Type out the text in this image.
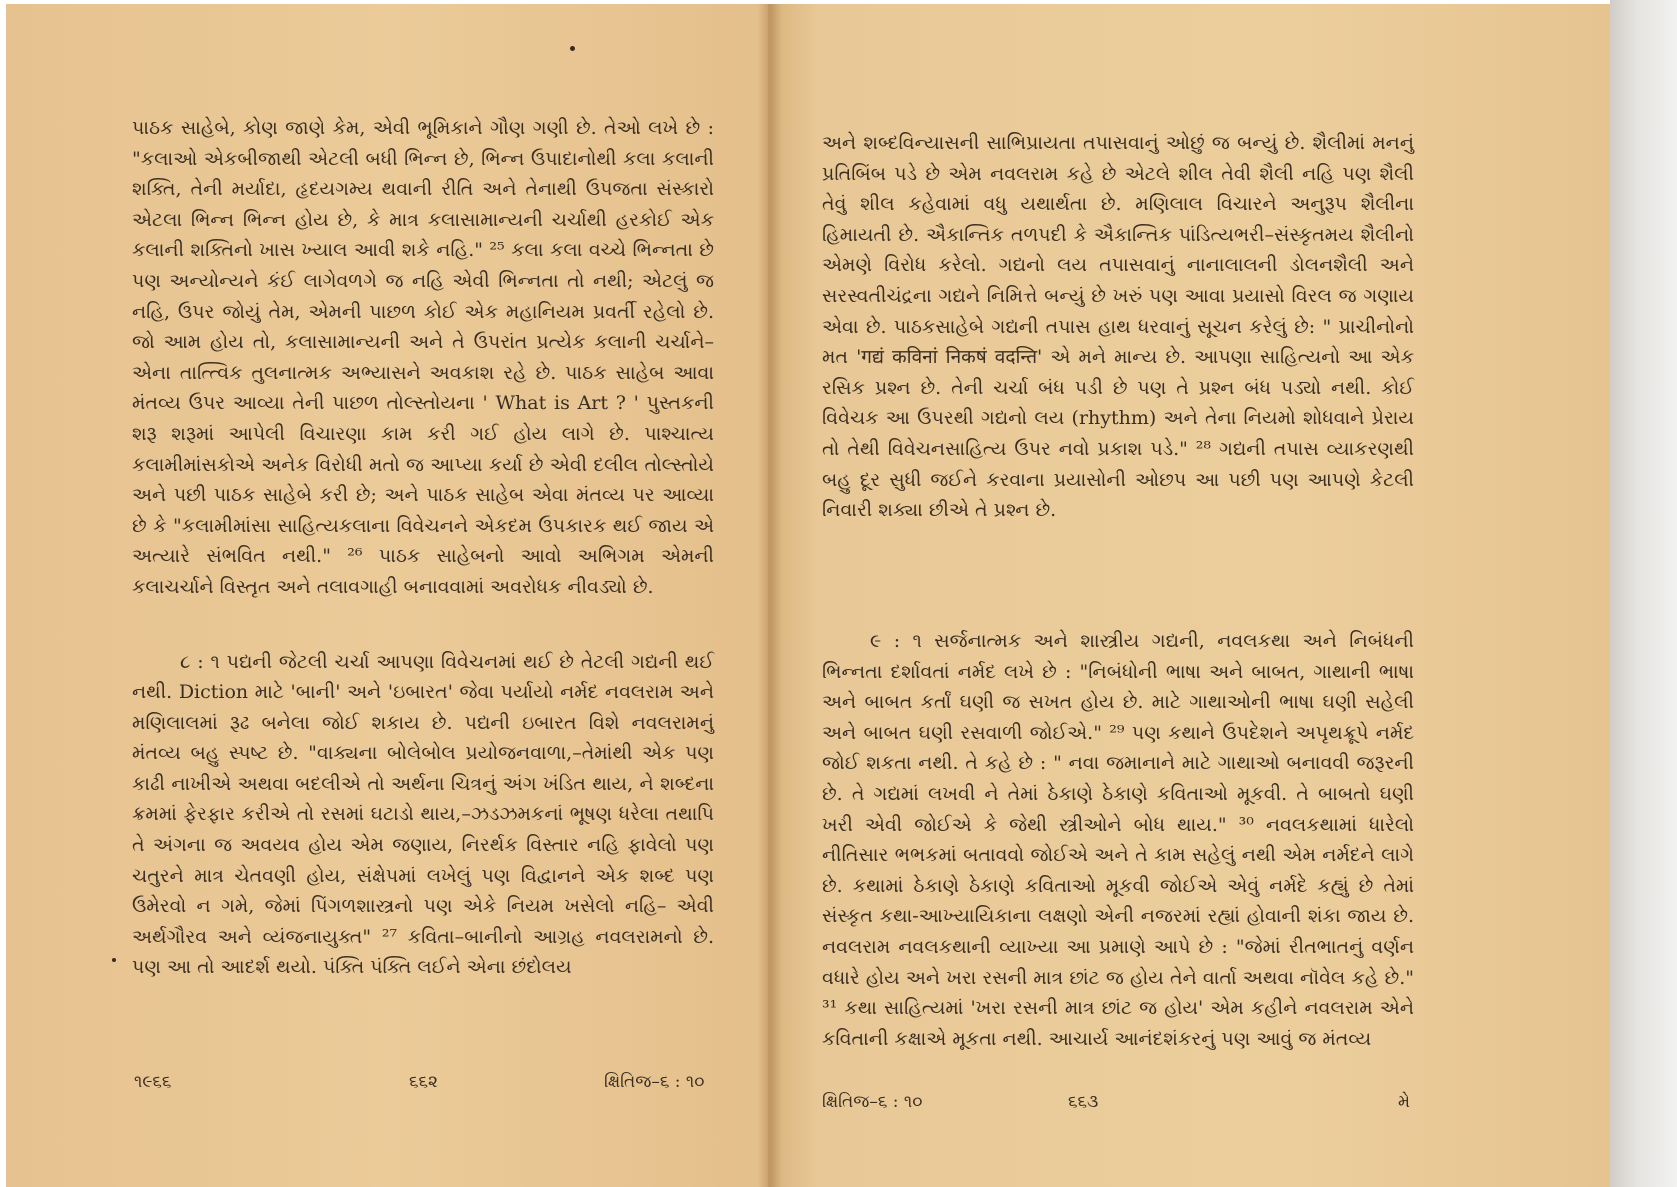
પાઠક સાહેબે, કોણ જાણે કેમ, એવી ભૂમિકાને ગૌણ ગણી છે. તેઓ લખે છે : "કલાઓ એકબીજાથી એટલી બધી ભિન્ન છે, ભિન્ન ઉપાદાનોથી કલા કલાની શક્તિ, તેની મર્યાદા, હૃદયગમ્ય થવાની રીતિ અને તેનાથી ઉપજતા સંસ્કારો એટલા ભિન્ન ભિન્ન હોય છે, કે માત્ર કલાસામાન્યની ચર્ચાથી હરકોઈ એક કલાની શક્તિનો ખાસ ખ્યાલ આવી શકે નહિ." ²⁵ કલા કલા વચ્ચે ભિન્નતા છે પણ અન્યોન્યને કંઈ લાગેવળગે જ નહિ એવી ભિન્નતા તો નથી; એટલું જ નહિ, ઉપર જોયું તેમ, એમની પાછળ કોઈ એક મહાનિયમ પ્રવર્તી રહેલો છે. જો આમ હોય તો, કલાસામાન્યની અને તે ઉપરાંત પ્રત્યેક કલાની ચર્ચાને–એના તાત્ત્વિક તુલનાત્મક અભ્યાસને અવકાશ રહે છે. પાઠક સાહેબ આવા મંતવ્ય ઉપર આવ્યા તેની પાછળ તોલ્સ્તોયના ' What is Art ? ' પુસ્તકની શરૂ શરૂમાં આપેલી વિચારણા કામ કરી ગઈ હોય લાગે છે. પાશ્ચાત્ય કલામીમાંસકોએ અનેક વિરોધી મતો જ આપ્યા કર્યા છે એવી દલીલ તોલ્સ્તોયે અને પછી પાઠક સાહેબે કરી છે; અને પાઠક સાહેબ એવા મંતવ્ય પર આવ્યા છે કે "કલામીમાંસા સાહિત્યકલાના વિવેચનને એકદમ ઉપકારક થઈ જાય એ અત્યારે સંભવિત નથી." ²⁶ પાઠક સાહેબનો આવો અભિગમ એમની કલાચર્ચાને વિસ્તૃત અને તલાવગાહી બનાવવામાં અવરોધક નીવડ્યો છે.

૮ : ૧ પદ્યની જેટલી ચર્ચા આપણા વિવેચનમાં થઈ છે તેટલી ગદ્યની થઈ નથી. Diction માટે 'બાની' અને 'ઇબારત' જેવા પર્યાયો નર્મદ નવલરામ અને મણિલાલમાં રૂઢ બનેલા જોઈ શકાય છે. પદ્યની ઇબારત વિશે નવલરામનું મંતવ્ય બહુ સ્પષ્ટ છે. "વાક્યના બોલેબોલ પ્રયોજનવાળા,–તેમાંથી એક પણ કાઢી નાખીએ અથવા બદલીએ તો અર્થના ચિત્રનું અંગ ખંડિત થાય, ને શબ્દના ક્રમમાં ફેરફાર કરીએ તો રસમાં ઘટાડો થાય,–ઝડઝમકનાં ભૂષણ ધરેલા તથાપિ તે અંગના જ અવયવ હોય એમ જણાય, નિરર્થક વિસ્તાર નહિ ફાવેલો પણ ચતુરને માત્ર ચેતવણી હોય, સંક્ષેપમાં લખેલું પણ વિદ્વાનને એક શબ્દ પણ ઉમેરવો ન ગમે, જેમાં પિંગળશાસ્ત્રનો પણ એકે નિયમ ખસેલો નહિ– એવી અર્થગૌરવ અને વ્યંજનાયુક્ત" ²⁷ કવિતા–બાનીનો આગ્રહ નવલરામનો છે. પણ આ તો આદર્શ થયો. પંક્તિ પંક્તિ લઈને એના છંદોલય

૧૯૬૬	૬૬૨	ક્ષિતિજ–૬ : ૧૦

અને શબ્દવિન્યાસની સાભિપ્રાયતા તપાસવાનું ઓછું જ બન્યું છે. શૈલીમાં મનનું પ્રતિબિંબ પડે છે એમ નવલરામ કહે છે એટલે શીલ તેવી શૈલી નહિ પણ શૈલી તેવું શીલ કહેવામાં વધુ યથાર્થતા છે. મણિલાલ વિચારને અનુરૂપ શૈલીના હિમાયતી છે. ઐકાન્તિક તળપદી કે ઐકાન્તિક પાંડિત્યભરી–સંસ્કૃતમય શૈલીનો એમણે વિરોધ કરેલો. ગદ્યનો લય તપાસવાનું નાનાલાલની ડોલનશૈલી અને સરસ્વતીચંદ્રના ગદ્યને નિમિત્તે બન્યું છે ખરું પણ આવા પ્રયાસો વિરલ જ ગણાય એવા છે. પાઠકસાહેબે ગદ્યની તપાસ હાથ ધરવાનું સૂચન કરેલું છે: " પ્રાચીનોનો મત 'गद्यं कविनां निकषं वदन्ति' એ મને માન્ય છે. આપણા સાહિત્યનો આ એક રસિક પ્રશ્ન છે. તેની ચર્ચા બંધ પડી છે પણ તે પ્રશ્ન બંધ પડ્યો નથી. કોઈ વિવેચક આ ઉપરથી ગદ્યનો લય (rhythm) અને તેના નિયમો શોધવાને પ્રેરાય તો તેથી વિવેચનસાહિત્ય ઉપર નવો પ્રકાશ પડે." ²⁸ ગદ્યની તપાસ વ્યાકરણથી બહુ દૂર સુધી જઈને કરવાના પ્રયાસોની ઓછપ આ પછી પણ આપણે કેટલી નિવારી શક્યા છીએ તે પ્રશ્ન છે.

૯ : ૧ સર્જનાત્મક અને શાસ્ત્રીય ગદ્યની, નવલકથા અને નિબંધની ભિન્નતા દર્શાવતાં નર્મદ લખે છે : "નિબંધોની ભાષા અને બાબત, ગાથાની ભાષા અને બાબત કર્તાં ઘણી જ સખત હોય છે. માટે ગાથાઓની ભાષા ઘણી સહેલી અને બાબત ઘણી રસવાળી જોઈએ." ²⁹ પણ કથાને ઉપદેશને અપૃથક્રૂપે નર્મદ જોઈ શકતા નથી. તે કહે છે : " નવા જમાનાને માટે ગાથાઓ બનાવવી જરૂરની છે. તે ગદ્યમાં લખવી ને તેમાં ઠેકાણે ઠેકાણે કવિતાઓ મૂકવી. તે બાબતો ઘણી ખરી એવી જોઈએ કે જેથી સ્ત્રીઓને બોધ થાય." ³⁰ નવલકથામાં ધારેલો નીતિસાર ભભકમાં બતાવવો જોઈએ અને તે કામ સહેલું નથી એમ નર્મદને લાગે છે. કથામાં ઠેકાણે ઠેકાણે કવિતાઓ મૂકવી જોઈએ એવું નર્મદે કહ્યું છે તેમાં સંસ્કૃત કથા-આખ્યાયિકાના લક્ષણો એની નજરમાં રહ્યાં હોવાની શંકા જાય છે. નવલરામ નવલકથાની વ્યાખ્યા આ પ્રમાણે આપે છે : "જેમાં રીતભાતનું વર્ણન વધારે હોય અને ખરા રસની માત્ર છાંટ જ હોય તેને વાર્તા અથવા નૉવેલ કહે છે." ³¹ કથા સાહિત્યમાં 'ખરા રસની માત્ર છાંટ જ હોય' એમ કહીને નવલરામ એને કવિતાની કક્ષાએ મૂકતા નથી. આચાર્ય આનંદશંકરનું પણ આવું જ મંતવ્ય

ક્ષિતિજ–૬ : ૧૦	૬૬૩	મે
